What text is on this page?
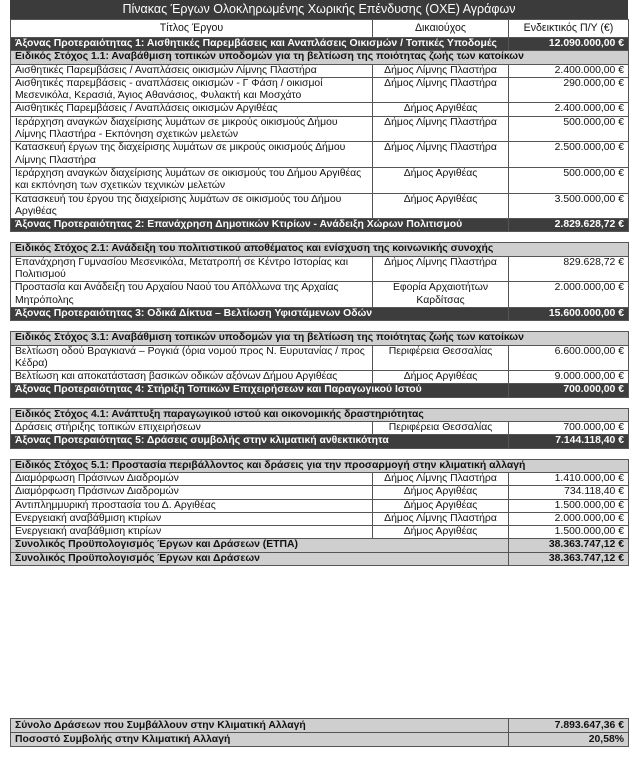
Πίνακας Έργων Ολοκληρωμένης Χωρικής Επένδυσης (ΟΧΕ) Αγράφων
Τίτλος Έργου	Δικαιούχος	Ενδεικτικός Π/Υ (€)
Άξονας Προτεραιότητας 1: Αισθητικές Παρεμβάσεις και Αναπλάσεις Οικισμών / Τοπικές Υποδομές		12.090.000,00 €
Ειδικός Στόχος 1.1: Αναβάθμιση τοπικών υποδομών για τη βελτίωση της ποιότητας ζωής των κατοίκων		
Αισθητικές Παρεμβάσεις / Αναπλάσεις οικισμών Λίμνης Πλαστήρα	Δήμος Λίμνης Πλαστήρα	2.400.000,00 €
Αισθητικές παρεμβάσεις - αναπλάσεις οικισμών - Γ Φάση / οικισμοί Μεσενικόλα, Κερασιά, Άγιος Αθανάσιος, Φυλακτή και Μοσχάτο	Δήμος Λίμνης Πλαστήρα	290.000,00 €
Αισθητικές Παρεμβάσεις / Αναπλάσεις οικισμών Αργιθέας	Δήμος Αργιθέας	2.400.000,00 €
Ιεράρχηση αναγκών διαχείρισης λυμάτων σε μικρούς οικισμούς Δήμου Λίμνης Πλαστήρα - Εκπόνηση σχετικών μελετών	Δήμος Λίμνης Πλαστήρα	500.000,00 €
Κατασκευή έργων της διαχείρισης λυμάτων σε μικρούς οικισμούς Δήμου Λίμνης Πλαστήρα	Δήμος Λίμνης Πλαστήρα	2.500.000,00 €
Ιεράρχηση αναγκών διαχείρισης λυμάτων σε οικισμούς του Δήμου Αργιθέας και εκπόνηση των σχετικών τεχνικών μελετών	Δήμος Αργιθέας	500.000,00 €
Κατασκευή του έργου της διαχείρισης λυμάτων σε οικισμούς του Δήμου Αργιθέας	Δήμος Αργιθέας	3.500.000,00 €
Άξονας Προτεραιότητας 2: Επανάχρηση Δημοτικών Κτιρίων - Ανάδειξη Χώρων Πολιτισμού		2.829.628,72 €

Ειδικός Στόχος 2.1: Ανάδειξη του πολιτιστικού αποθέματος και ενίσχυση της κοινωνικής συνοχής		
Επανάχρηση Γυμνασίου Μεσενικόλα, Μετατροπή σε Κέντρο Ιστορίας και Πολιτισμού	Δήμος Λίμνης Πλαστήρα	829.628,72 €
Προστασία και Ανάδειξη του Αρχαίου Ναού του Απόλλωνα της Αρχαίας Μητρόπολης	Εφορία Αρχαιοτήτων Καρδίτσας	2.000.000,00 €
Άξονας Προτεραιότητας 3: Οδικά Δίκτυα – Βελτίωση Υφιστάμενων Οδών		15.600.000,00 €

Ειδικός Στόχος 3.1: Αναβάθμιση τοπικών υποδομών για τη βελτίωση της ποιότητας ζωής των κατοίκων		
Βελτίωση οδού Βραγκιανά – Ρογκιά (όρια νομού προς Ν. Ευρυτανίας / προς Κέδρα)	Περιφέρεια Θεσσαλίας	6.600.000,00 €
Βελτίωση και αποκατάσταση βασικών οδικών αξόνων Δήμου Αργιθέας	Δήμος Αργιθέας	9.000.000,00 €
Άξονας Προτεραιότητας 4: Στήριξη Τοπικών Επιχειρήσεων και Παραγωγικού Ιστού		700.000,00 €

Ειδικός Στόχος 4.1: Ανάπτυξη παραγωγικού ιστού και οικονομικής δραστηριότητας		
Δράσεις στήριξης τοπικών επιχειρήσεων	Περιφέρεια Θεσσαλίας	700.000,00 €
Άξονας Προτεραιότητας 5: Δράσεις συμβολής στην κλιματική ανθεκτικότητα		7.144.118,40 €

Ειδικός Στόχος 5.1: Προστασία περιβάλλοντος και δράσεις για την προσαρμογή στην κλιματική αλλαγή		
Διαμόρφωση Πράσινων Διαδρομών	Δήμος Λίμνης Πλαστήρα	1.410.000,00 €
Διαμόρφωση Πράσινων Διαδρομών	Δήμος Αργιθέας	734.118,40 €
Αντιπλημμυρική προστασία του Δ. Αργιθέας	Δήμος Αργιθέας	1.500.000,00 €
Ενεργειακή αναβάθμιση κτιρίων	Δήμος Λίμνης Πλαστήρα	2.000.000,00 €
Ενεργειακή αναβάθμιση κτιρίων	Δήμος Αργιθέας	1.500.000,00 €
Συνολικός Προϋπολογισμός Έργων και Δράσεων (ΕΤΠΑ)		38.363.747,12 €
Συνολικός Προϋπολογισμός Έργων και Δράσεων		38.363.747,12 €
Σύνολο Δράσεων που Συμβάλλουν στην Κλιματική Αλλαγή	7.893.647,36 €
Ποσοστό Συμβολής στην Κλιματική Αλλαγή	20,58%
